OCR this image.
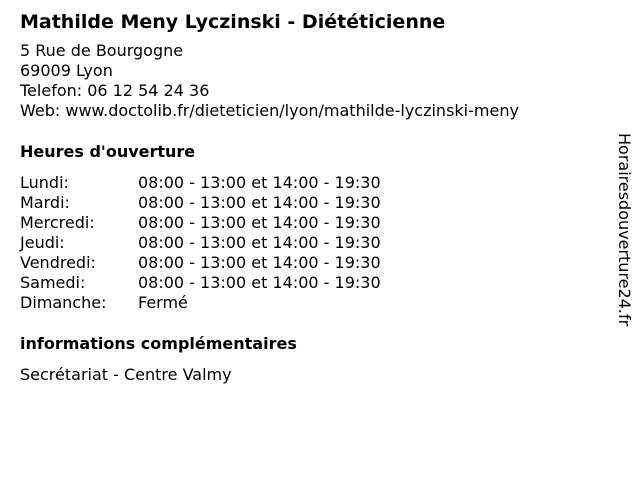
Mathilde Meny Lyczinski - Diététicienne
5 Rue de Bourgogne
69009 Lyon
Telefon: 06 12 54 24 36
Web: www.doctolib.fr/dieteticien/lyon/mathilde-lyczinski-meny
Heures d'ouverture
Lundi:	08:00 - 13:00 et 14:00 - 19:30
Mardi:	08:00 - 13:00 et 14:00 - 19:30
Mercredi:	08:00 - 13:00 et 14:00 - 19:30
Jeudi:	08:00 - 13:00 et 14:00 - 19:30
Vendredi:	08:00 - 13:00 et 14:00 - 19:30
Samedi:	08:00 - 13:00 et 14:00 - 19:30
Dimanche:	Fermé
informations complémentaires
Secrétariat - Centre Valmy
Horairesdouverture24.fr
